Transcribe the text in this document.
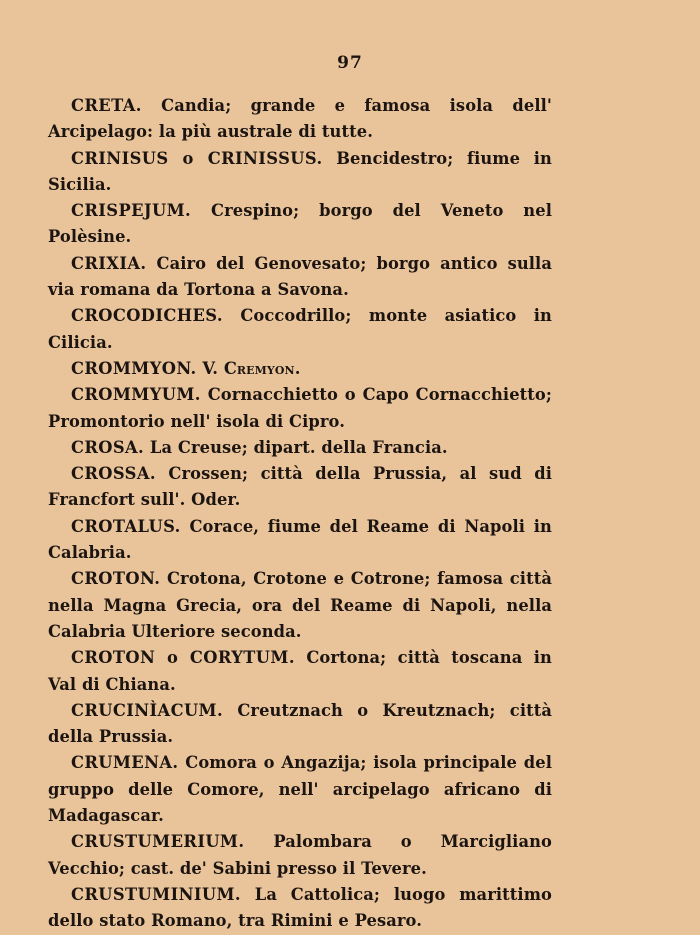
97
CRETA. Candia; grande e famosa isola dell' Arcipelago: la più australe di tutte.
CRINISUS o CRINISSUS. Bencidestro; fiume in Sicilia.
CRISPEJUM. Crespino; borgo del Veneto nel Polèsine.
CRIXIA. Cairo del Genovesato; borgo antico sulla via romana da Tortona a Savona.
CROCODICHES. Coccodrillo; monte asiatico in Cilicia.
CROMMYON. V. Cremyon.
CROMMYUM. Cornacchietto o Capo Cornacchietto; Promontorio nell' isola di Cipro.
CROSA. La Creuse; dipart. della Francia.
CROSSA. Crossen; città della Prussia, al sud di Francfort sull'. Oder.
CROTALUS. Corace, fiume del Reame di Napoli in Calabria.
CROTON. Crotona, Crotone e Cotrone; famosa città nella Magna Grecia, ora del Reame di Napoli, nella Calabria Ulteriore seconda.
CROTON o CORYTUM. Cortona; città toscana in Val di Chiana.
CRUCINÌACUM. Creutznach o Kreutznach; città della Prussia.
CRUMENA. Comora o Angazija; isola principale del gruppo delle Comore, nell' arcipelago africano di Madagascar.
CRUSTUMERIUM. Palombara o Marcigliano Vecchio; cast. de' Sabini presso il Tevere.
CRUSTUMINIUM. La Cattolica; luogo marittimo dello stato Romano, tra Rimini e Pesaro.
